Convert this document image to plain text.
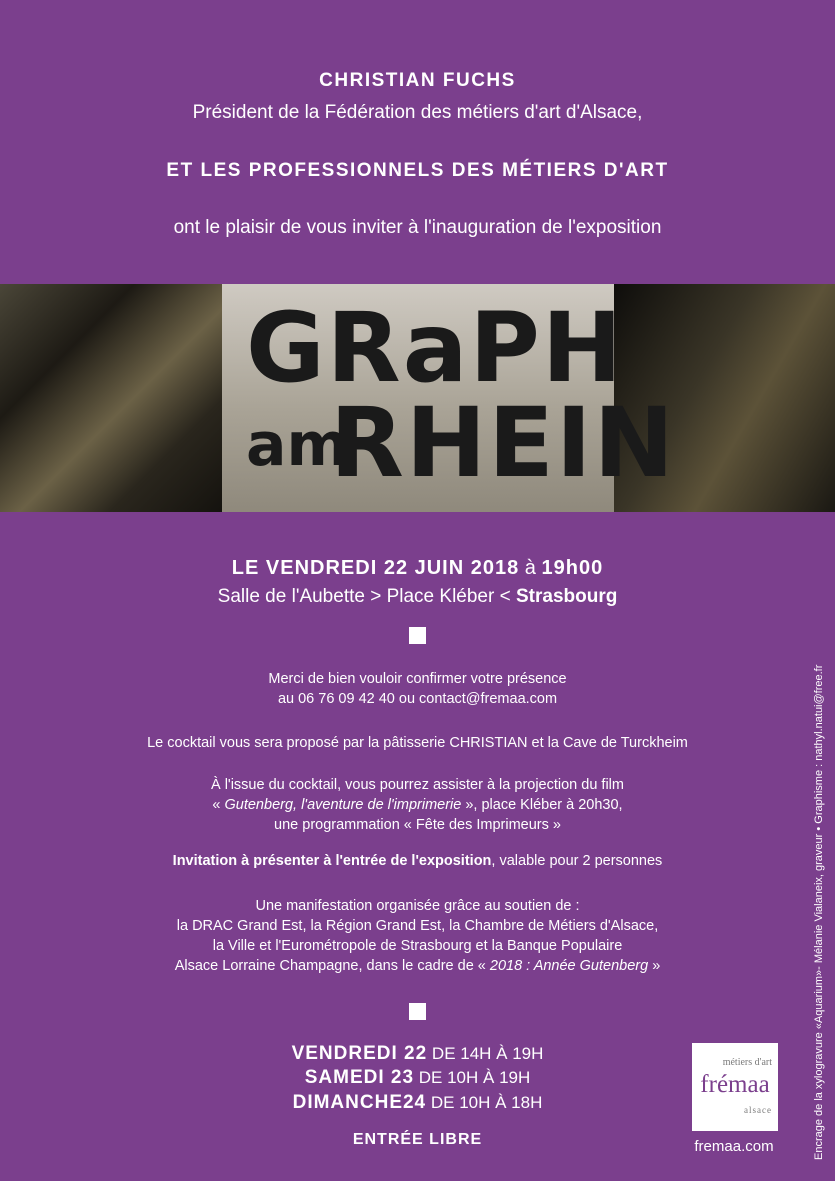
CHRISTIAN FUCHS
Président de la Fédération des métiers d'art d'Alsace,
ET LES PROFESSIONNELS DES MÉTIERS D'ART
ont le plaisir de vous inviter à l'inauguration de l'exposition
GRaPH
am
RHEIN
LE VENDREDI 22 JUIN 2018 à 19h00
Salle de l'Aubette > Place Kléber < Strasbourg
Merci de bien vouloir confirmer votre présence
au 06 76 09 42 40 ou contact@fremaa.com
Le cocktail vous sera proposé par la pâtisserie CHRISTIAN et la Cave de Turckheim
À l'issue du cocktail, vous pourrez assister à la projection du film
« Gutenberg, l'aventure de l'imprimerie », place Kléber à 20h30,
une programmation « Fête des Imprimeurs »
Invitation à présenter à l'entrée de l'exposition, valable pour 2 personnes
Une manifestation organisée grâce au soutien de :
la DRAC Grand Est, la Région Grand Est, la Chambre de Métiers d'Alsace,
la Ville et l'Eurométropole de Strasbourg et la Banque Populaire
Alsace Lorraine Champagne, dans le cadre de « 2018 : Année Gutenberg »
VENDREDI 22 DE 14H À 19H
SAMEDI 23 DE 10H À 19H
DIMANCHE24 DE 10H À 18H
ENTRÉE LIBRE
métiers d'art
frémaa
alsace
fremaa.com	Encrage de la xylogravure «Aquarium»- Mélanie Vialaneix, graveur • Graphisme : nathyl.natui@free.fr
